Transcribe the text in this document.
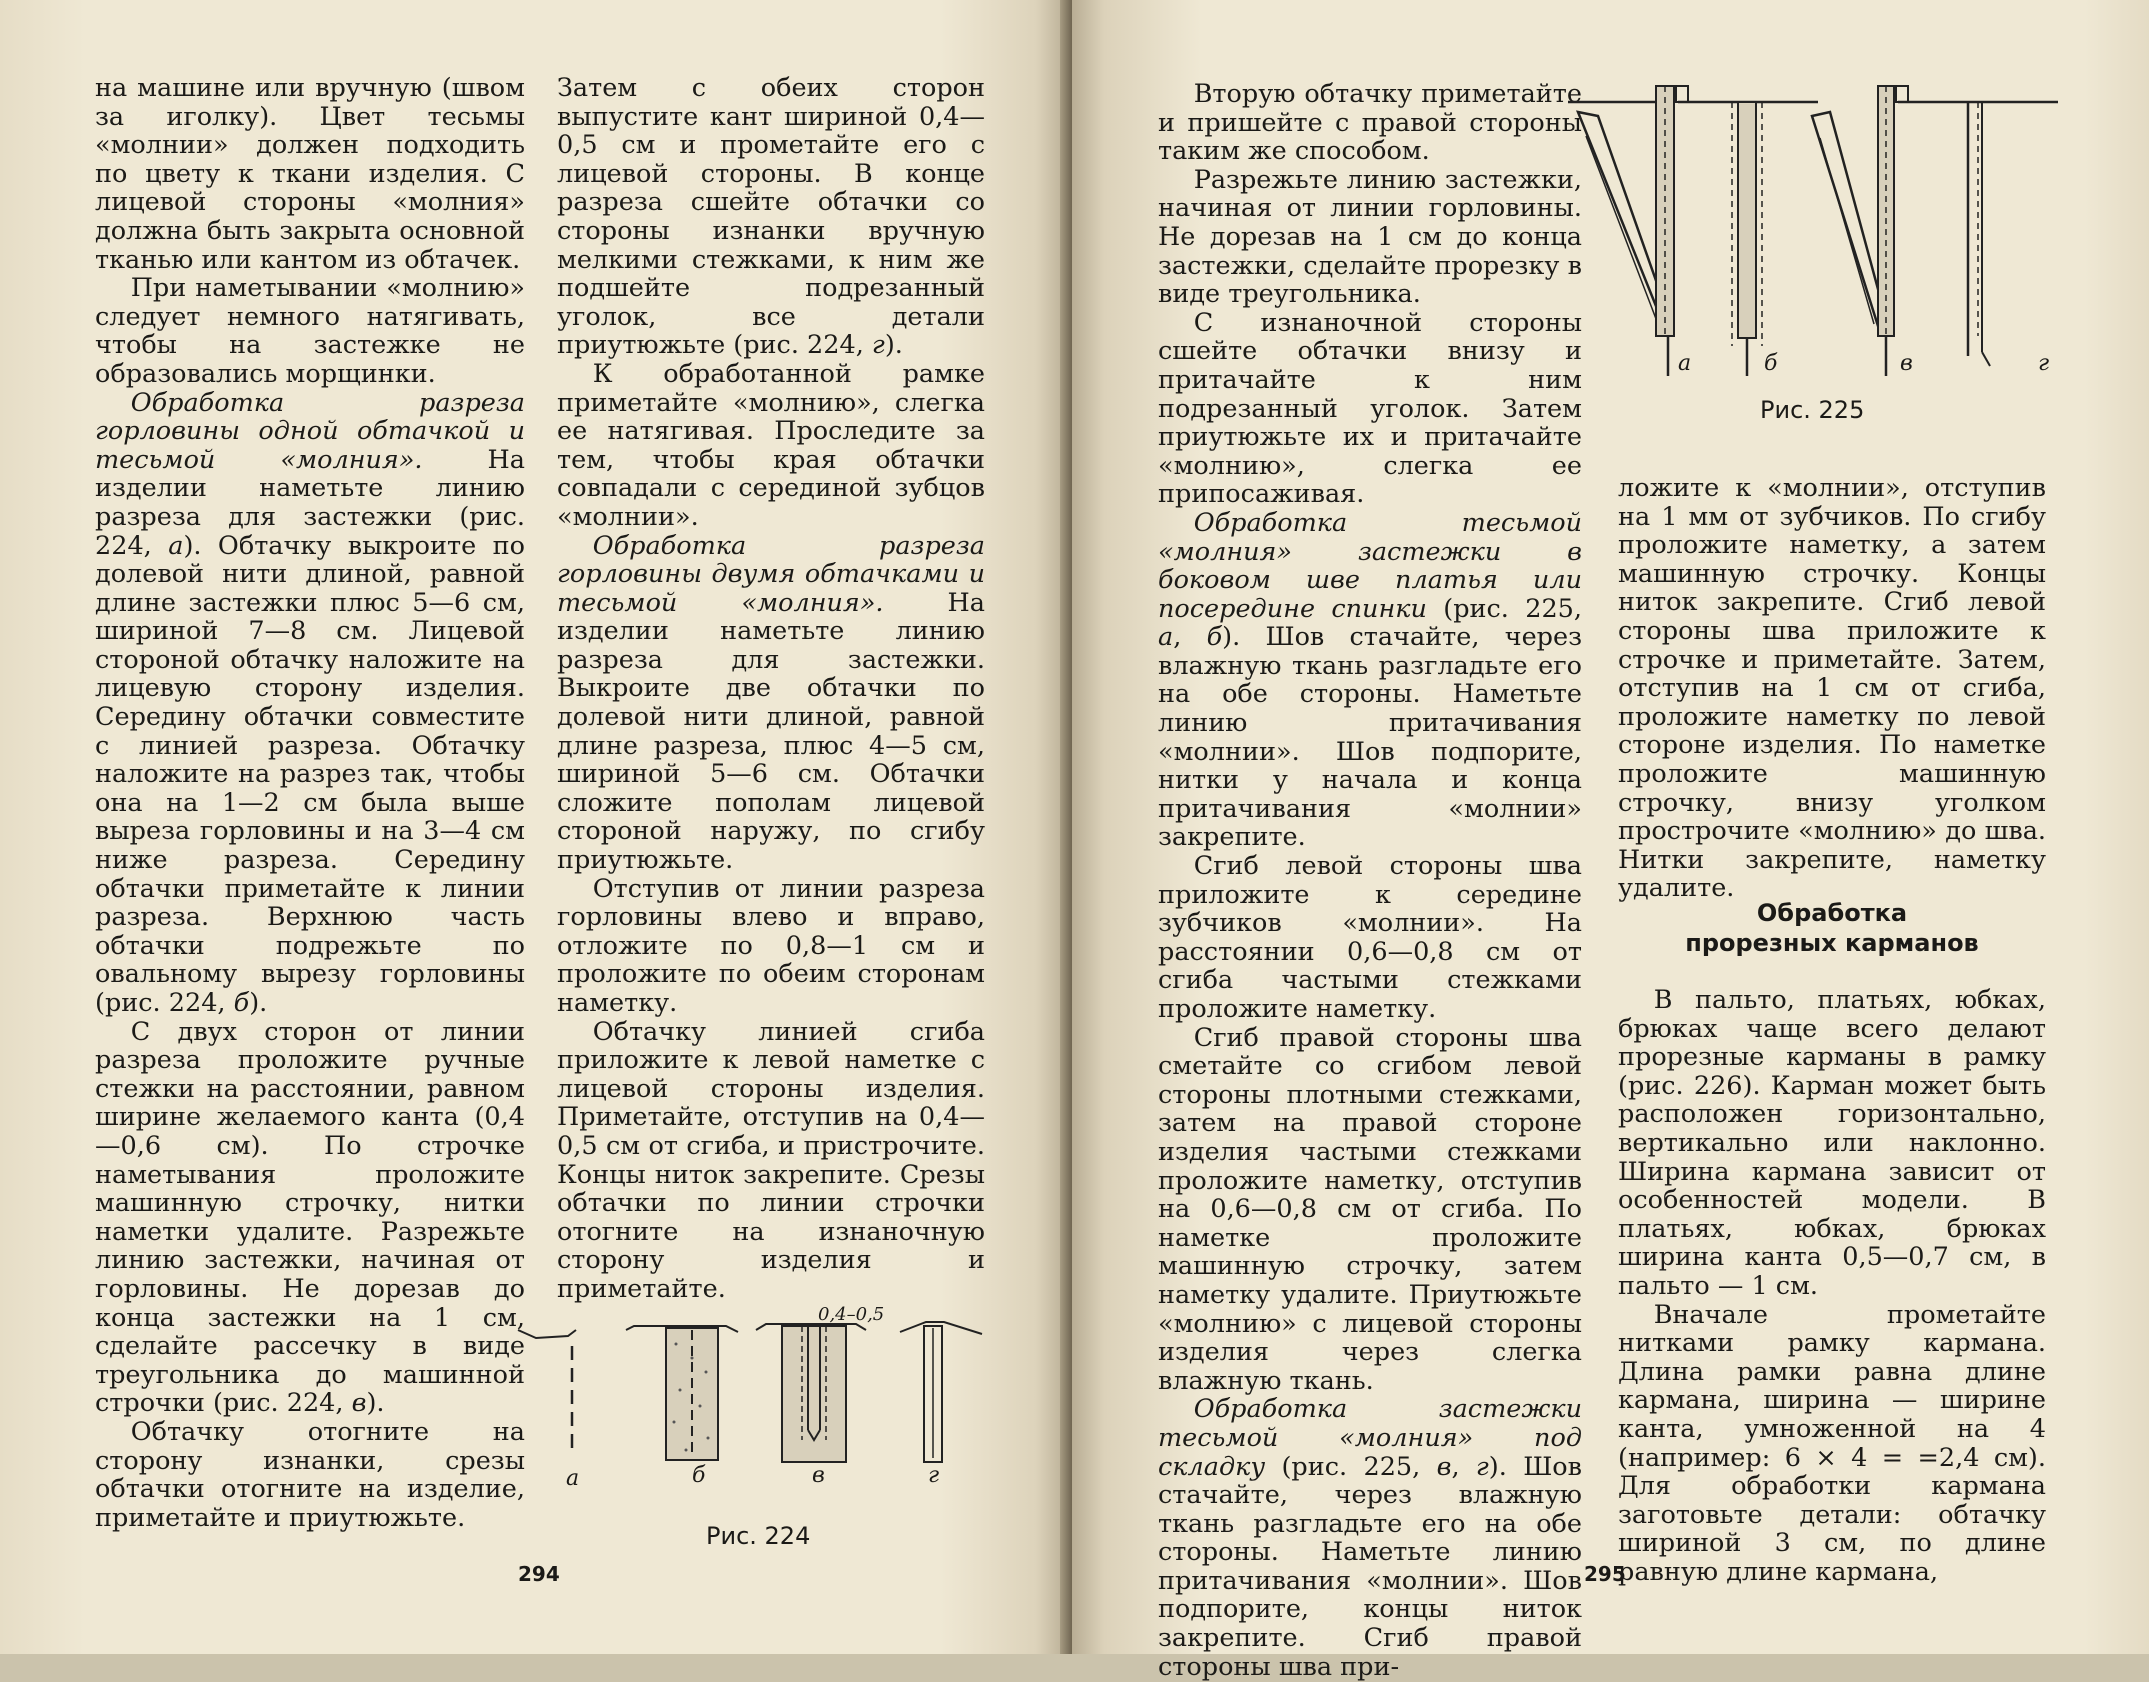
на машине или вручную (швом за иголку). Цвет тесьмы «молнии» должен подходить по цвету к ткани изделия. С лицевой стороны «молния» должна быть закрыта основной тканью или кантом из обтачек.

При наметывании «молнию» следует немного натягивать, чтобы на застежке не образовались морщинки.

Обработка разреза горловины одной обтачкой и тесьмой «молния». На изделии наметьте линию разреза для застежки (рис. 224, а). Обтачку выкроите по долевой нити длиной, равной длине застежки плюс 5—6 см, шириной 7—8 см. Лицевой стороной обтачку наложите на лицевую сторону изделия. Середину обтачки совместите с линией разреза. Обтачку наложите на разрез так, чтобы она на 1—2 см была выше выреза горловины и на 3—4 см ниже разреза. Середину обтачки приметайте к линии разреза. Верхнюю часть обтачки подрежьте по овальному вырезу горловины (рис. 224, б).

С двух сторон от линии разреза проложите ручные стежки на расстоянии, равном ширине желаемого канта (0,4—0,6 см). По строчке наметывания проложите машинную строчку, нитки наметки удалите. Разрежьте линию застежки, начиная от горловины. Не дорезав до конца застежки на 1 см, сделайте рассечку в виде треугольника до машинной строчки (рис. 224, в).

Обтачку отогните на сторону изнанки, срезы обтачки отогните на изделие, приметайте и приутюжьте.

Затем с обеих сторон выпустите кант шириной 0,4—0,5 см и прометайте его с лицевой стороны. В конце разреза сшейте обтачки со стороны изнанки вручную мелкими стежками, к ним же подшейте подрезанный уголок, все детали приутюжьте (рис. 224, г).

К обработанной рамке приметайте «молнию», слегка ее натягивая. Проследите за тем, чтобы края обтачки совпадали с серединой зубцов «молнии».

Обработка разреза горловины двумя обтачками и тесьмой «молния». На изделии наметьте линию разреза для застежки. Выкроите две обтачки по долевой нити длиной, равной длине разреза, плюс 4—5 см, шириной 5—6 см. Обтачки сложите пополам лицевой стороной наружу, по сгибу приутюжьте.

Отступив от линии разреза горловины влево и вправо, отложите по 0,8—1 см и проложите по обеим сторонам наметку.

Обтачку линией сгиба приложите к левой наметке с лицевой стороны изделия. Приметайте, отступив на 0,4—0,5 см от сгиба, и пристрочите. Концы ниток закрепите. Срезы обтачки по линии строчки отогните на изнаночную сторону изделия и приметайте.

0,4–0,5
а	б	в	г
Рис. 224
294

Вторую обтачку приметайте и пришейте с правой стороны таким же способом.

Разрежьте линию застежки, начиная от линии горловины. Не дорезав на 1 см до конца застежки, сделайте прорезку в виде треугольника.

С изнаночной стороны сшейте обтачки внизу и притачайте к ним подрезанный уголок. Затем приутюжьте их и притачайте «молнию», слегка ее припосаживая.

Обработка тесьмой «молния» застежки в боковом шве платья или посередине спинки (рис. 225, а, б). Шов стачайте, через влажную ткань разгладьте его на обе стороны. Наметьте линию притачивания «молнии». Шов подпорите, нитки у начала и конца притачивания «молнии» закрепите.

Сгиб левой стороны шва приложите к середине зубчиков «молнии». На расстоянии 0,6—0,8 см от сгиба частыми стежками проложите наметку.

Сгиб правой стороны шва сметайте со сгибом левой стороны плотными стежками, затем на правой стороне изделия частыми стежками проложите наметку, отступив на 0,6—0,8 см от сгиба. По наметке проложите машинную строчку, затем наметку удалите. Приутюжьте «молнию» с лицевой стороны изделия через слегка влажную ткань.

Обработка застежки тесьмой «молния» под складку (рис. 225, в, г). Шов стачайте, через влажную ткань разгладьте его на обе стороны. Наметьте линию притачивания «молнии». Шов подпорите, концы ниток закрепите. Сгиб правой стороны шва при-

а	б	в	г
Рис. 225

ложите к «молнии», отступив на 1 мм от зубчиков. По сгибу проложите наметку, а затем машинную строчку. Концы ниток закрепите. Сгиб левой стороны шва приложите к строчке и приметайте. Затем, отступив на 1 см от сгиба, проложите наметку по левой стороне изделия. По наметке проложите машинную строчку, внизу уголком прострочите «молнию» до шва. Нитки закрепите, наметку удалите.

Обработка

прорезных карманов

В пальто, платьях, юбках, брюках чаще всего делают прорезные карманы в рамку (рис. 226). Карман может быть расположен горизонтально, вертикально или наклонно. Ширина кармана зависит от особенностей модели. В платьях, юбках, брюках ширина канта 0,5—0,7 см, в пальто — 1 см.

Вначале прометайте нитками рамку кармана. Длина рамки равна длине кармана, ширина — ширине канта, умноженной на 4 (например: 6 × 4 = =2,4 см). Для обработки кармана заготовьте детали: обтачку шириной 3 см, по длине равную длине кармана,

295
